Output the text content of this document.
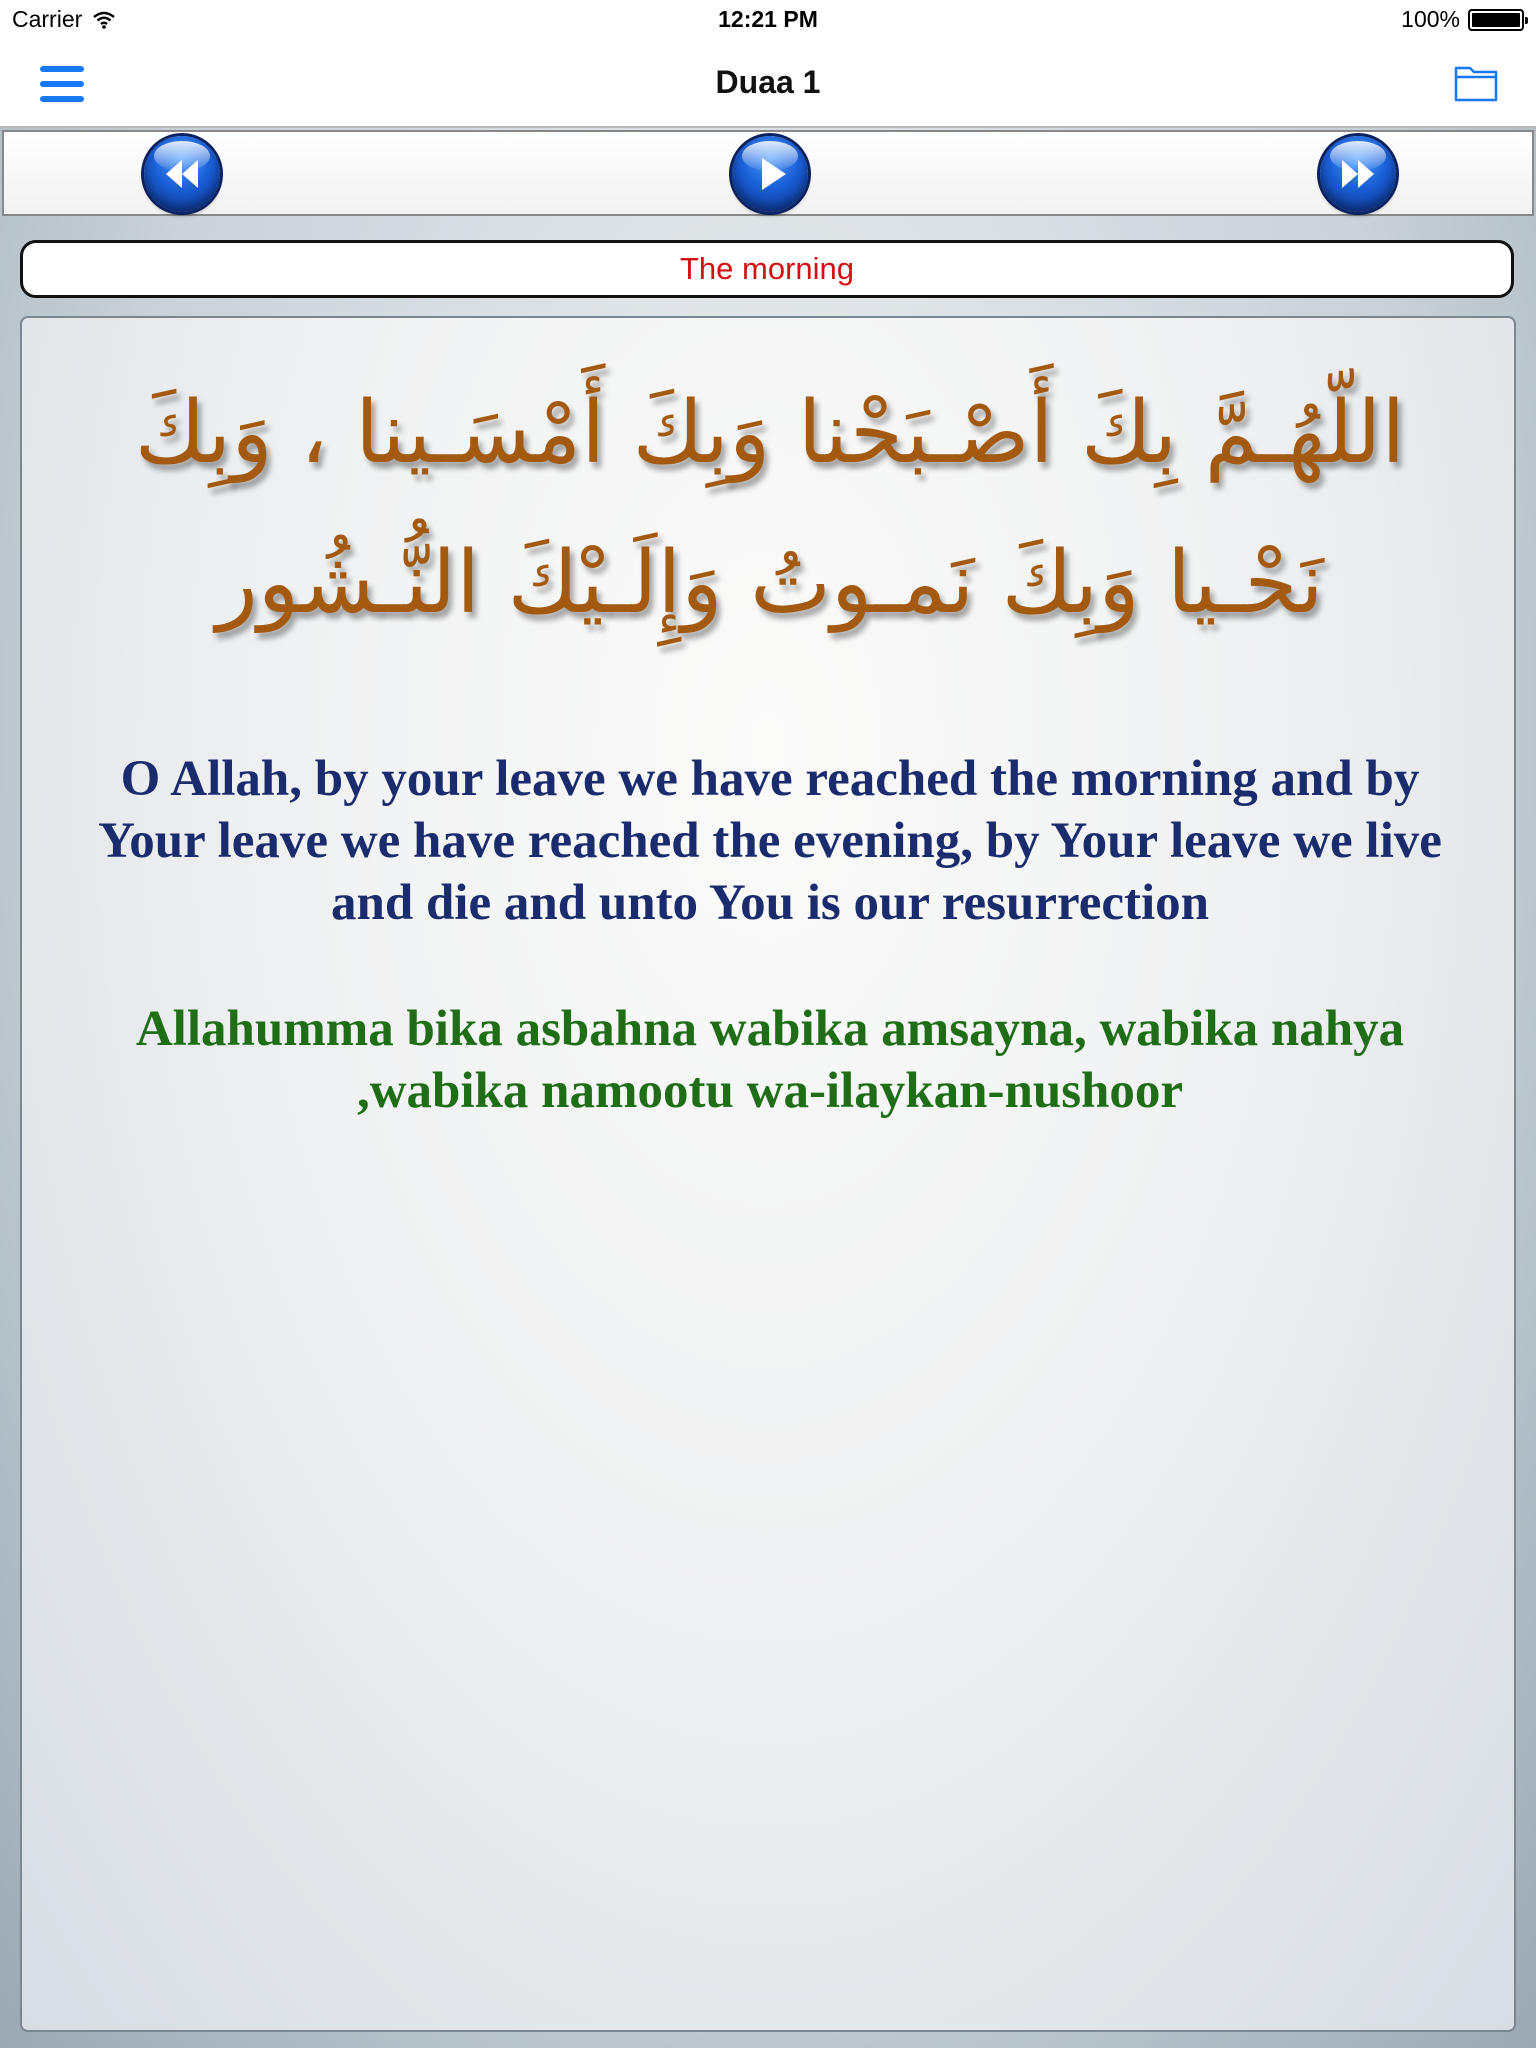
Carrier	12:21 PM	100%
Duaa 1
The morning
اللّهُـمَّ بِكَ أَصْـبَحْنا وَبِكَ أَمْسَـينا ، وَبِكَ نَحْـيا وَبِكَ نَمـوتُ وَإِلَـيْكَ النُّـشُور
O Allah, by your leave we have reached the morning and by Your leave we have reached the evening, by Your leave we live and die and unto You is our resurrection
Allahumma bika asbahna wabika amsayna, wabika nahya ,wabika namootu wa-ilaykan-nushoor
